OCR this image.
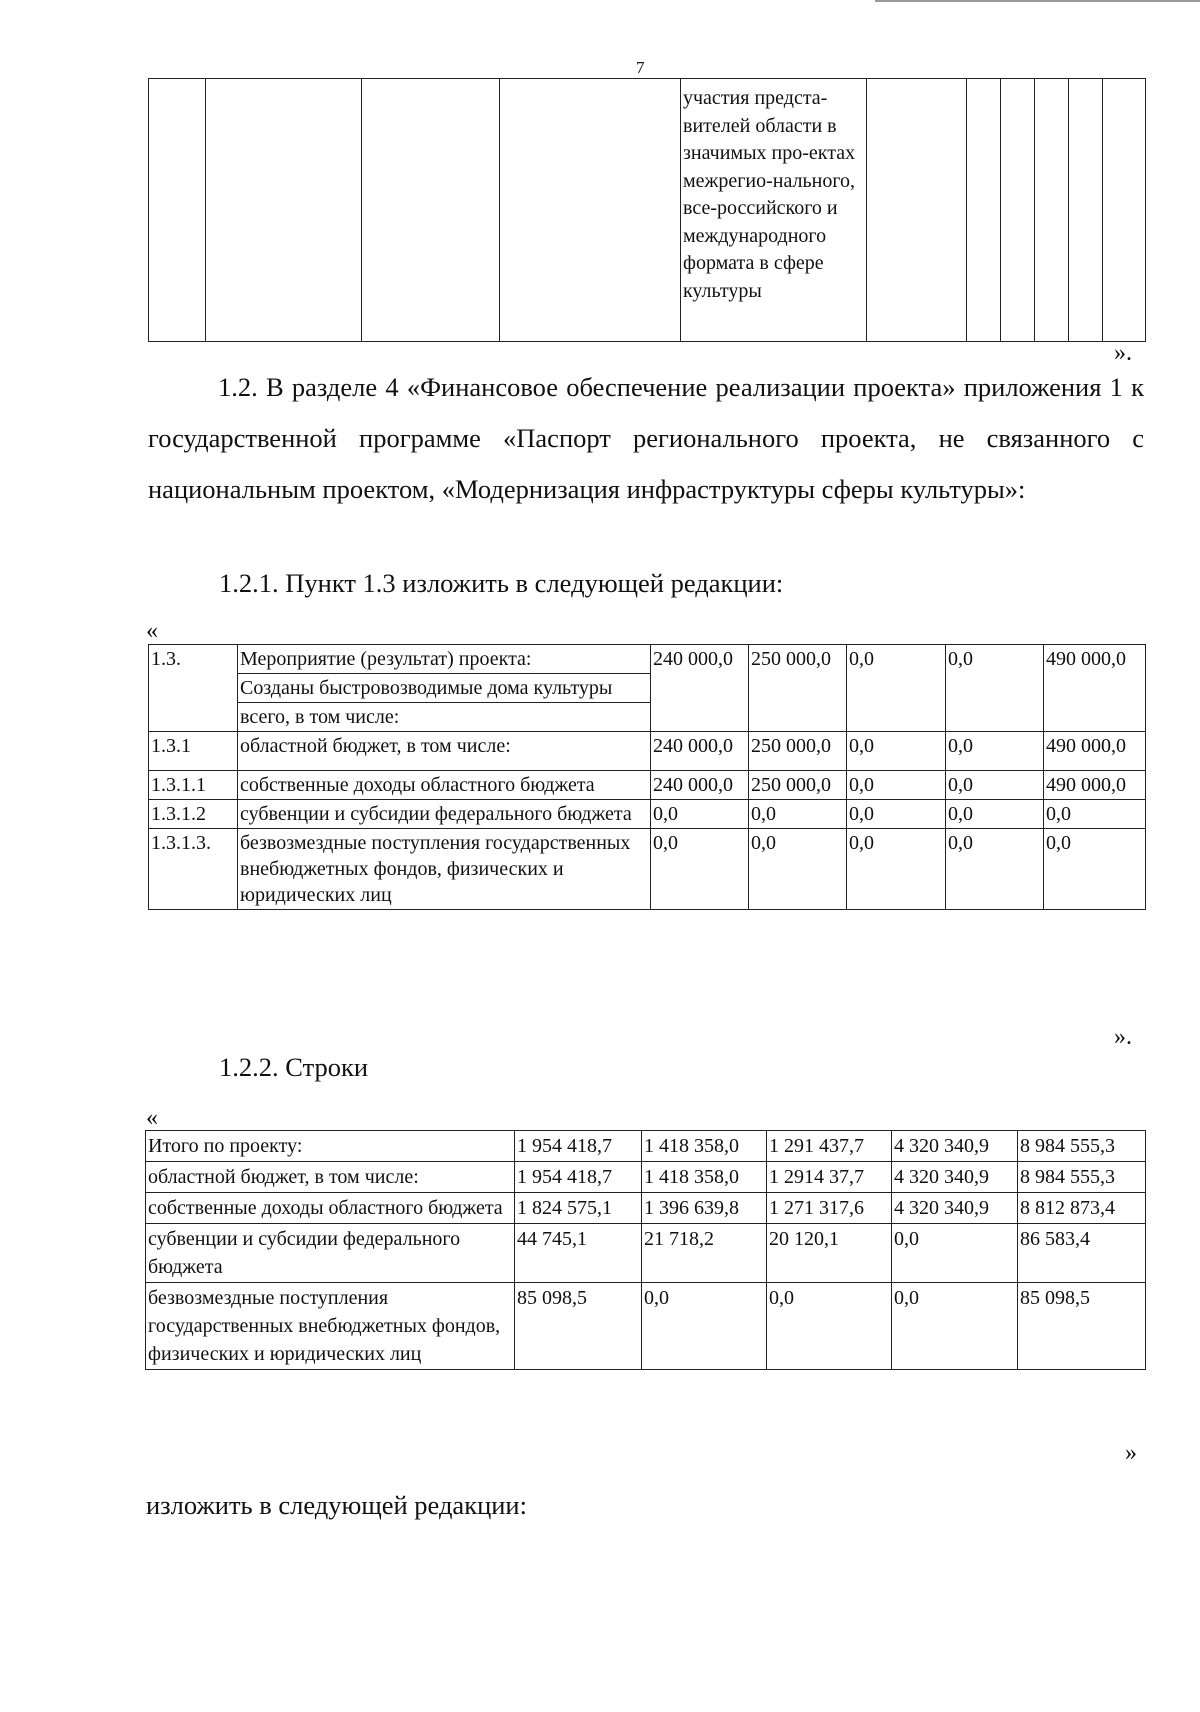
7
				участия предста-вителей области в значимых про-ектах межрегио-нального, все-российского и международного формата в сфере культуры						
».

1.2. В разделе 4 «Финансовое обеспечение реализации проекта» приложения 1 к государственной программе «Паспорт регионального проекта, не связанного с национальным проектом, «Модернизация инфраструктуры сферы культуры»:

1.2.1. Пункт 1.3 изложить в следующей редакции:
«
1.3.	Мероприятие (результат) проекта:	240 000,0	250 000,0	0,0	0,0	490 000,0
	Созданы быстровозводимые дома культуры					
	всего, в том числе:					
1.3.1	областной бюджет, в том числе:	240 000,0	250 000,0	0,0	0,0	490 000,0
1.3.1.1	собственные доходы областного бюджета	240 000,0	250 000,0	0,0	0,0	490 000,0
1.3.1.2	субвенции и субсидии федерального бюджета	0,0	0,0	0,0	0,0	0,0
1.3.1.3.	безвозмездные поступления государственных внебюджетных фондов, физических и юридических лиц	0,0	0,0	0,0	0,0	0,0
».
1.2.2. Строки
«
Итого по проекту:	1 954 418,7	1 418 358,0	1 291 437,7	4 320 340,9	8 984 555,3
областной бюджет, в том числе:	1 954 418,7	1 418 358,0	1 2914 37,7	4 320 340,9	8 984 555,3
собственные доходы областного бюджета	1 824 575,1	1 396 639,8	1 271 317,6	4 320 340,9	8 812 873,4
субвенции и субсидии федерального бюджета	44 745,1	21 718,2	20 120,1	0,0	86 583,4
безвозмездные поступления государственных внебюджетных фондов, физических и юридических лиц	85 098,5	0,0	0,0	0,0	85 098,5
»
изложить в следующей редакции:
